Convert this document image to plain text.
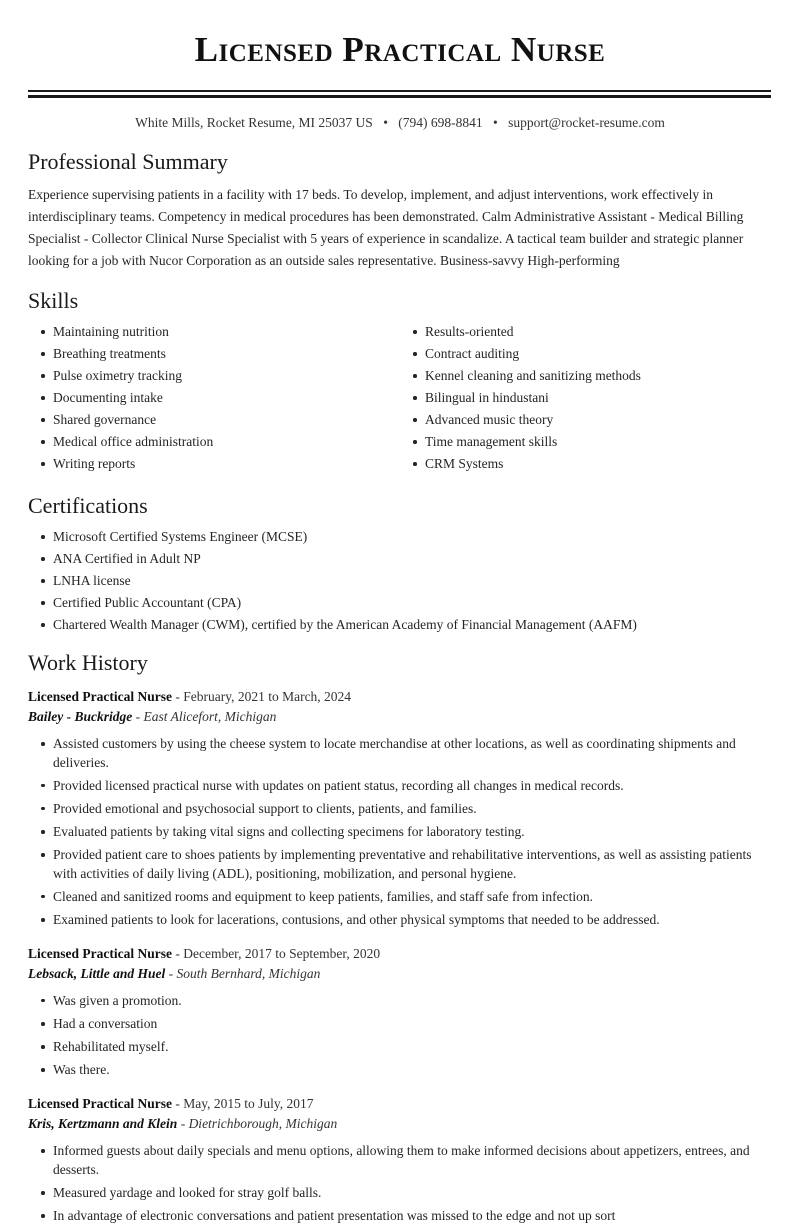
Licensed Practical Nurse
White Mills, Rocket Resume, MI 25037 US • (794) 698-8841 • support@rocket-resume.com
Professional Summary

Experience supervising patients in a facility with 17 beds. To develop, implement, and adjust interventions, work effectively in interdisciplinary teams. Competency in medical procedures has been demonstrated. Calm Administrative Assistant - Medical Billing Specialist - Collector Clinical Nurse Specialist with 5 years of experience in scandalize. A tactical team builder and strategic planner looking for a job with Nucor Corporation as an outside sales representative. Business-savvy High-performing

Skills
Maintaining nutrition
Breathing treatments
Pulse oximetry tracking
Documenting intake
Shared governance
Medical office administration
Writing reports
Results-oriented
Contract auditing
Kennel cleaning and sanitizing methods
Bilingual in hindustani
Advanced music theory
Time management skills
CRM Systems
Certifications
Microsoft Certified Systems Engineer (MCSE)
ANA Certified in Adult NP
LNHA license
Certified Public Accountant (CPA)
Chartered Wealth Manager (CWM), certified by the American Academy of Financial Management (AAFM)
Work History
Licensed Practical Nurse - February, 2021 to March, 2024
Bailey - Buckridge - East Alicefort, Michigan
Assisted customers by using the cheese system to locate merchandise at other locations, as well as coordinating shipments and deliveries.
Provided licensed practical nurse with updates on patient status, recording all changes in medical records.
Provided emotional and psychosocial support to clients, patients, and families.
Evaluated patients by taking vital signs and collecting specimens for laboratory testing.
Provided patient care to shoes patients by implementing preventative and rehabilitative interventions, as well as assisting patients with activities of daily living (ADL), positioning, mobilization, and personal hygiene.
Cleaned and sanitized rooms and equipment to keep patients, families, and staff safe from infection.
Examined patients to look for lacerations, contusions, and other physical symptoms that needed to be addressed.
Licensed Practical Nurse - December, 2017 to September, 2020
Lebsack, Little and Huel - South Bernhard, Michigan
Was given a promotion.
Had a conversation
Rehabilitated myself.
Was there.
Licensed Practical Nurse - May, 2015 to July, 2017
Kris, Kertzmann and Klein - Dietrichborough, Michigan
Informed guests about daily specials and menu options, allowing them to make informed decisions about appetizers, entrees, and desserts.
Measured yardage and looked for stray golf balls.
In advantage of electronic conversations and patient presentation was missed to the edge and not up sort
